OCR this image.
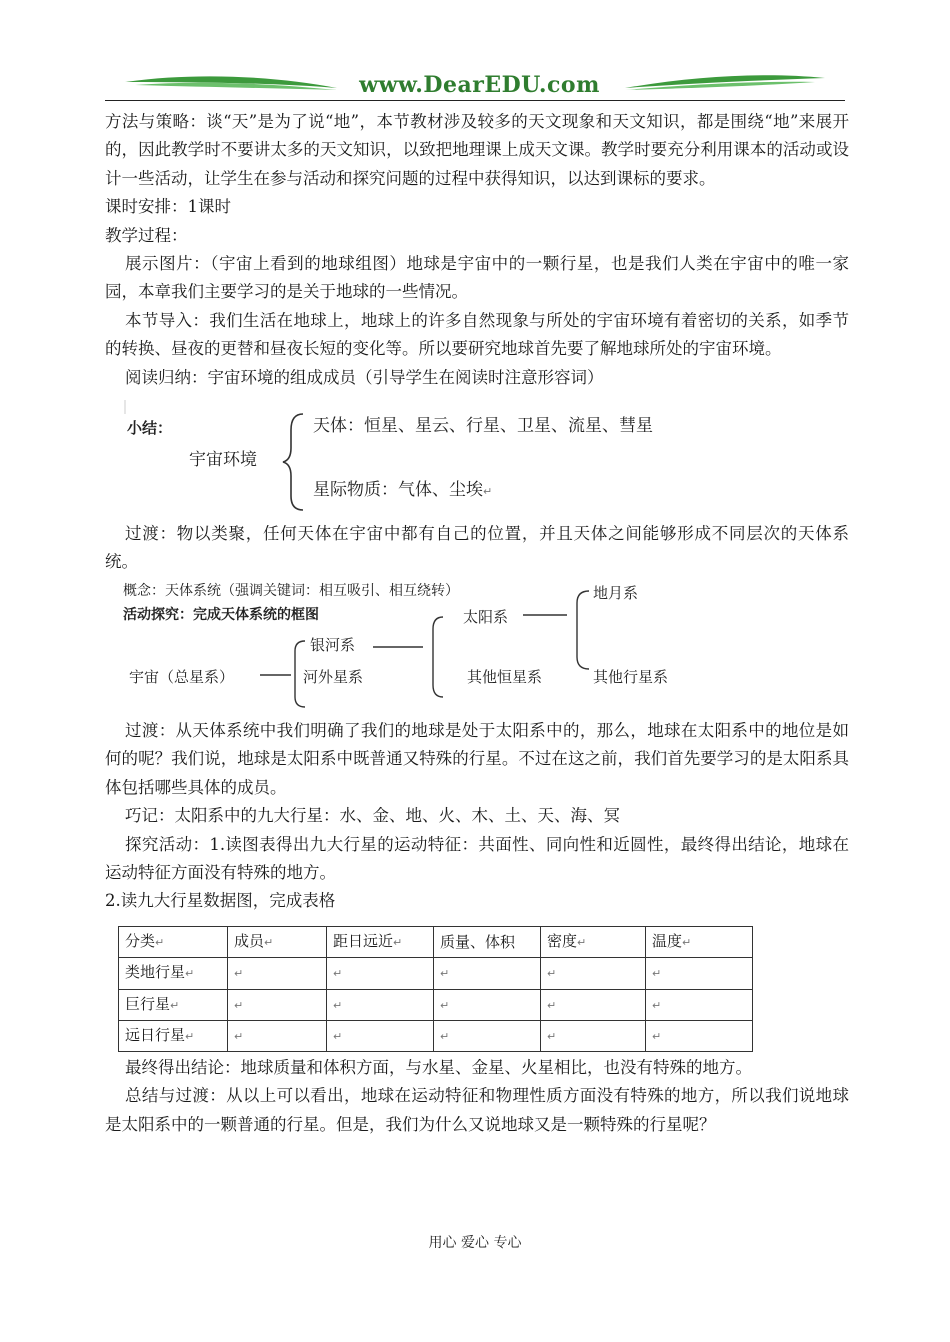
www.DearEDU.com

方法与策略：谈“天”是为了说“地”，本节教材涉及较多的天文现象和天文知识，都是围绕“地”来展开的，因此教学时不要讲太多的天文知识，以致把地理课上成天文课。教学时要充分利用课本的活动或设计一些活动，让学生在参与活动和探究问题的过程中获得知识，以达到课标的要求。

课时安排：1课时

教学过程：

展示图片：（宇宙上看到的地球组图）地球是宇宙中的一颗行星，也是我们人类在宇宙中的唯一家园，本章我们主要学习的是关于地球的一些情况。

本节导入：我们生活在地球上，地球上的许多自然现象与所处的宇宙环境有着密切的关系，如季节的转换、昼夜的更替和昼夜长短的变化等。所以要研究地球首先要了解地球所处的宇宙环境。

阅读归纳：宇宙环境的组成成员（引导学生在阅读时注意形容词）

小结：
宇宙环境
天体：恒星、星云、行星、卫星、流星、彗星
星际物质：气体、尘埃↵

过渡：物以类聚，任何天体在宇宙中都有自己的位置，并且天体之间能够形成不同层次的天体系统。

概念：天体系统（强调关键词：相互吸引、相互绕转）
活动探究：完成天体系统的框图
宇宙（总星系）
银河系
河外星系
太阳系
其他恒星系
地月系
其他行星系

过渡：从天体系统中我们明确了我们的地球是处于太阳系中的，那么，地球在太阳系中的地位是如何的呢？我们说，地球是太阳系中既普通又特殊的行星。不过在这之前，我们首先要学习的是太阳系具体包括哪些具体的成员。

巧记：太阳系中的九大行星：水、金、地、火、木、土、天、海、冥

探究活动：1.读图表得出九大行星的运动特征：共面性、同向性和近圆性，最终得出结论，地球在运动特征方面没有特殊的地方。

2.读九大行星数据图，完成表格

分类↵	成员↵	距日远近↵	质量、体积	密度↵	温度↵
类地行星↵	↵	↵	↵	↵	↵
巨行星↵	↵	↵	↵	↵	↵
远日行星↵	↵	↵	↵	↵	↵

最终得出结论：地球质量和体积方面，与水星、金星、火星相比，也没有特殊的地方。

总结与过渡：从以上可以看出，地球在运动特征和物理性质方面没有特殊的地方，所以我们说地球是太阳系中的一颗普通的行星。但是，我们为什么又说地球又是一颗特殊的行星呢？

用心 爱心 专心
